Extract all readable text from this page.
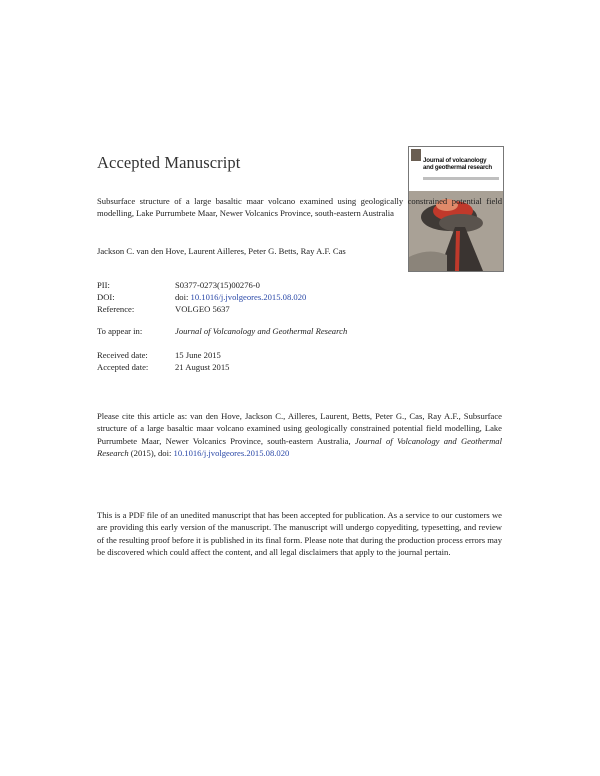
Accepted Manuscript	Journal of volcanology
and geothermal research
Subsurface structure of a large basaltic maar volcano examined using geologically constrained potential field modelling, Lake Purrumbete Maar, Newer Volcanics Province, south-eastern Australia
Jackson C. van den Hove, Laurent Ailleres, Peter G. Betts, Ray A.F. Cas
PII:	S0377-0273(15)00276-0
DOI:	doi: 10.1016/j.jvolgeores.2015.08.020
Reference:	VOLGEO 5637
To appear in:	Journal of Volcanology and Geothermal Research
Received date:	15 June 2015
Accepted date:	21 August 2015
Please cite this article as: van den Hove, Jackson C., Ailleres, Laurent, Betts, Peter G., Cas, Ray A.F., Subsurface structure of a large basaltic maar volcano examined using geologically constrained potential field modelling, Lake Purrumbete Maar, Newer Volcanics Province, south-eastern Australia, Journal of Volcanology and Geothermal Research (2015), doi: 10.1016/j.jvolgeores.2015.08.020
This is a PDF file of an unedited manuscript that has been accepted for publication. As a service to our customers we are providing this early version of the manuscript. The manuscript will undergo copyediting, typesetting, and review of the resulting proof before it is published in its final form. Please note that during the production process errors may be discovered which could affect the content, and all legal disclaimers that apply to the journal pertain.
